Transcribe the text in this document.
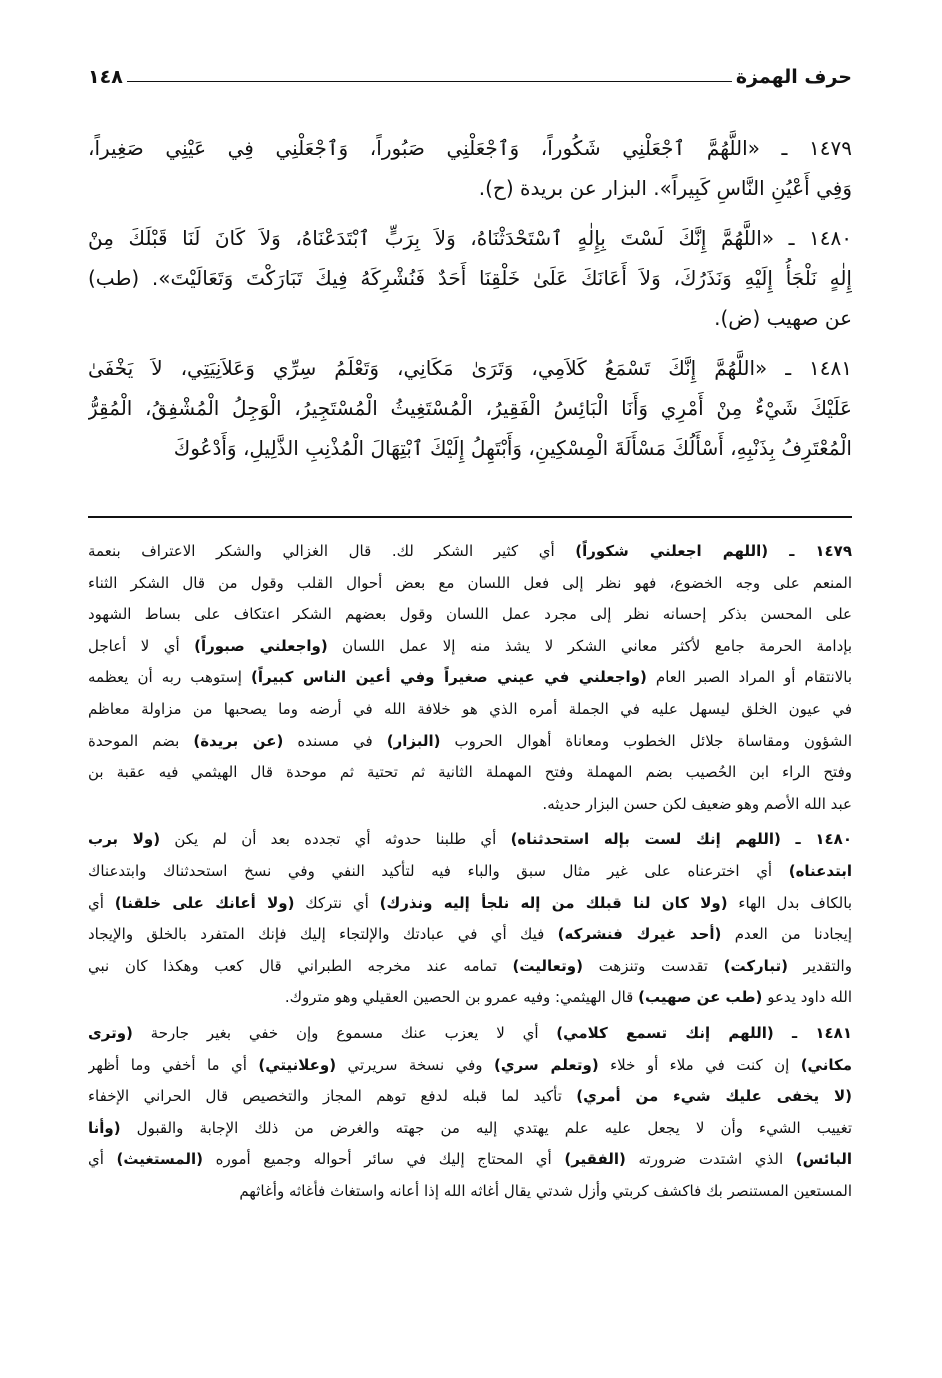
حرف الهمزة
١٤٨
١٤٧٩ ـ «اللَّهُمَّ ٱجْعَلْنِي شَكُوراً، وَٱجْعَلْنِي صَبُوراً، وَٱجْعَلْنِي فِي عَيْنِي صَغِيراً،
وَفِي أَعْيُنِ النَّاسِ كَبِيراً». البزار عن بريدة (ح).
١٤٨٠ ـ «اللَّهُمَّ إِنَّكَ لَسْتَ بِإِلٰهٍ ٱسْتَحْدَثْنَاهُ، وَلاَ بِرَبٍّ ٱبْتَدَعْنَاهُ، وَلاَ كَانَ لَنَا قَبْلَكَ مِنْ
إِلٰهٍ نَلْجَأُ إِلَيْهِ وَنَذَرُكَ، وَلاَ أَعَانَكَ عَلَىٰ خَلْقِنَا أَحَدٌ فَنُشْرِكَهُ فِيكَ تَبَارَكْتَ وَتَعَالَيْتَ». (طب)
عن صهيب (ض).
١٤٨١ ـ «اللَّهُمَّ إِنَّكَ تَسْمَعُ كَلاَمِي، وَتَرَىٰ مَكَانِي، وَتَعْلَمُ سِرِّي وَعَلاَنِيَتِي، لاَ يَخْفَىٰ
عَلَيْكَ شَيْءٌ مِنْ أَمْرِي وَأَنَا الْبَائِسُ الْفَقِيرُ، الْمُسْتَغِيثُ الْمُسْتَجِيرُ، الْوَجِلُ الْمُشْفِقُ، الْمُقِرُّ
الْمُعْتَرِفُ بِذَنْبِهِ، أَسْأَلُكَ مَسْأَلَةَ الْمِسْكِينِ، وَأَبْتَهِلُ إِلَيْكَ ٱبْتِهَالَ الْمُذْنِبِ الذَّلِيلِ، وَأَدْعُوكَ
١٤٧٩ ـ (اللهم اجعلني شكوراً) أي كثير الشكر لك. قال الغزالي والشكر الاعتراف بنعمة
المنعم على وجه الخضوع، فهو نظر إلى فعل اللسان مع بعض أحوال القلب وقول من قال الشكر الثناء
على المحسن بذكر إحسانه نظر إلى مجرد عمل اللسان وقول بعضهم الشكر اعتكاف على بساط الشهود
بإدامة الحرمة جامع لأكثر معاني الشكر لا يشذ منه إلا عمل اللسان (واجعلني صبوراً) أي لا أعاجل
بالانتقام أو المراد الصبر العام (واجعلني في عيني صغيراً وفي أعين الناس كبيراً) إستوهب ربه أن يعظمه
في عيون الخلق ليسهل عليه في الجملة أمره الذي هو خلافة الله في أرضه وما يصحبها من مزاولة معاظم
الشؤون ومقاساة جلائل الخطوب ومعاناة أهوال الحروب (البزار) في مسنده (عن بريدة) بضم الموحدة
وفتح الراء ابن الحُصيب بضم المهملة وفتح المهملة الثانية ثم تحتية ثم موحدة قال الهيثمي فيه عقبة بن
عبد الله الأصم وهو ضعيف لكن حسن البزار حديثه.
١٤٨٠ ـ (اللهم إنك لست بإله استحدثناه) أي طلبنا حدوثه أي تجدده بعد أن لم يكن (ولا برب
ابتدعناه) أي اخترعناه على غير مثال سبق والباء فيه لتأكيد النفي وفي نسخ استحدثناك وابتدعناك
بالكاف بدل الهاء (ولا كان لنا قبلك من إله نلجأ إليه ونذرك) أي نتركك (ولا أعانك على خلقنا) أي
إيجادنا من العدم (أحد غيرك فنشركه) فيك أي في عبادتك والإلتجاء إليك فإنك المتفرد بالخلق والإيجاد
والتقدير (تباركت) تقدست وتنزهت (وتعاليت) تمامه عند مخرجه الطبراني قال كعب وهكذا كان نبي
الله داود يدعو (طب عن صهيب) قال الهيثمي: وفيه عمرو بن الحصين العقيلي وهو متروك.
١٤٨١ ـ (اللهم إنك تسمع كلامي) أي لا يعزب عنك مسموع وإن خفي بغير جارحة (وترى
مكاني) إن كنت في ملاء أو خلاء (وتعلم سري) وفي نسخة سريرتي (وعلانيتي) أي ما أخفي وما أظهر
(لا يخفى عليك شيء من أمري) تأكيد لما قبله لدفع توهم المجاز والتخصيص قال الحراني الإخفاء
تغييب الشيء وأن لا يجعل عليه علم يهتدي إليه من جهته والغرض من ذلك الإجابة والقبول (وأنا
البائس) الذي اشتدت ضرورته (الفقير) أي المحتاج إليك في سائر أحواله وجميع أموره (المستغيث) أي
المستعين المستنصر بك فاكشف كربتي وأزل شدتي يقال أغاثه الله إذا أعانه واستغاث فأغاثه وأغاثهم
